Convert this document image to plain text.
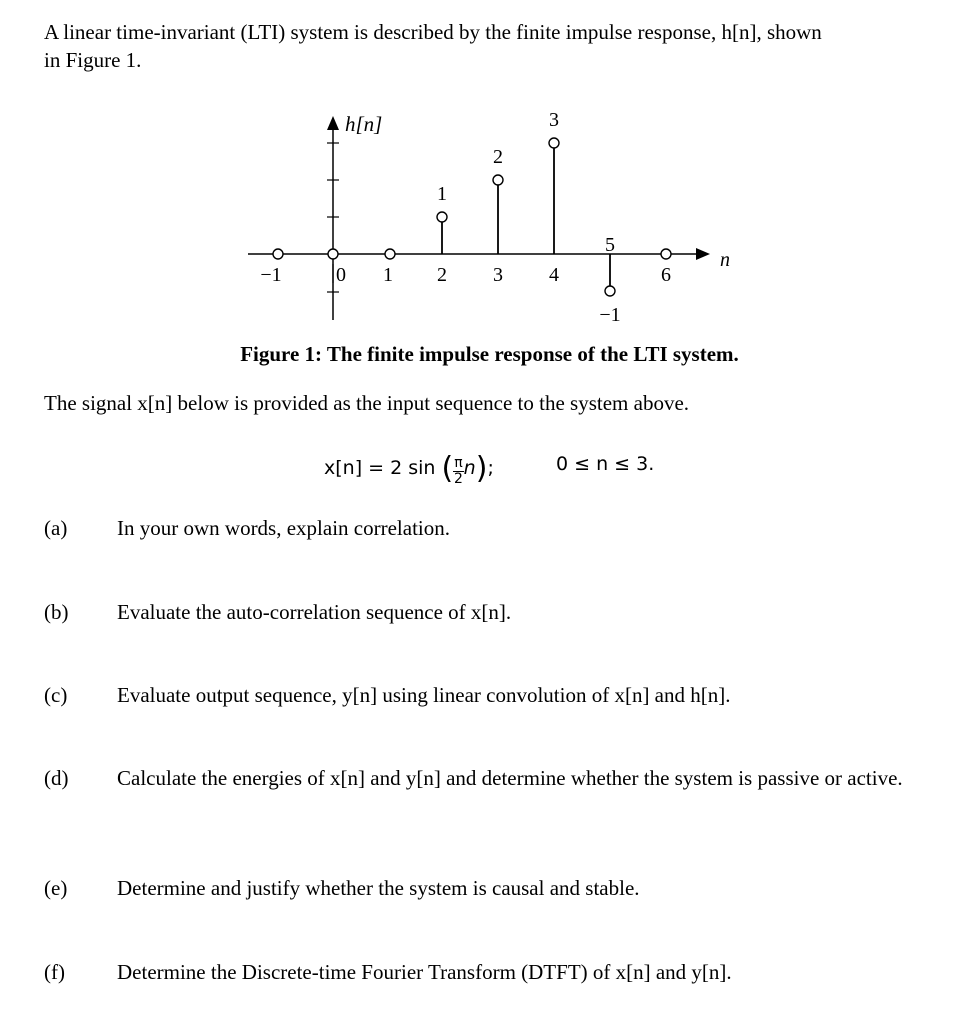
A linear time-invariant (LTI) system is described by the finite impulse response, h[n], shown
in Figure 1.
h[n]
n
−1	0 1 2 3 4
5
6
1
2
3
−1
Figure 1: The finite impulse response of the LTI system.
The signal x[n] below is provided as the input sequence to the system above.
x[n] = 2 sin ( $\frac{\pi}{2} n$);	0 ≤ n ≤ 3.
(a) In your own words, explain correlation.
(b) Evaluate the auto-correlation sequence of x[n].
(c) Evaluate output sequence, y[n] using linear convolution of x[n] and h[n].
(d) Calculate the energies of x[n] and y[n] and determine whether the system is passive or active.
(e) Determine and justify whether the system is causal and stable.
(f) Determine the Discrete-time Fourier Transform (DTFT) of x[n] and y[n].
